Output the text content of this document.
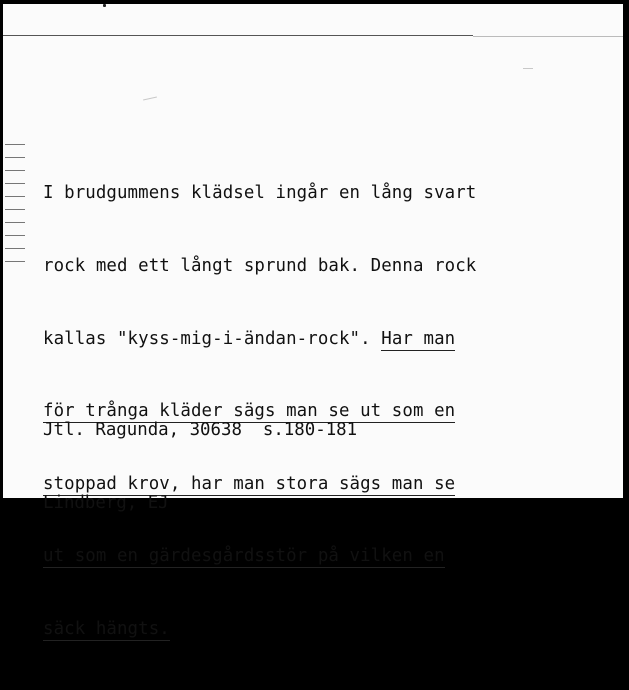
I brudgummens klädsel ingår en lång svart

rock med ett långt sprund bak. Denna rock

kallas "kyss-mig-i-ändan-rock". Har man

för trånga kläder sägs man se ut som en

stoppad krov, har man stora sägs man se

ut som en gärdesgårdsstör på vilken en

säck hängts.

Jtl. Ragunda, 30638  s.180-181

Lindberg, EJ
